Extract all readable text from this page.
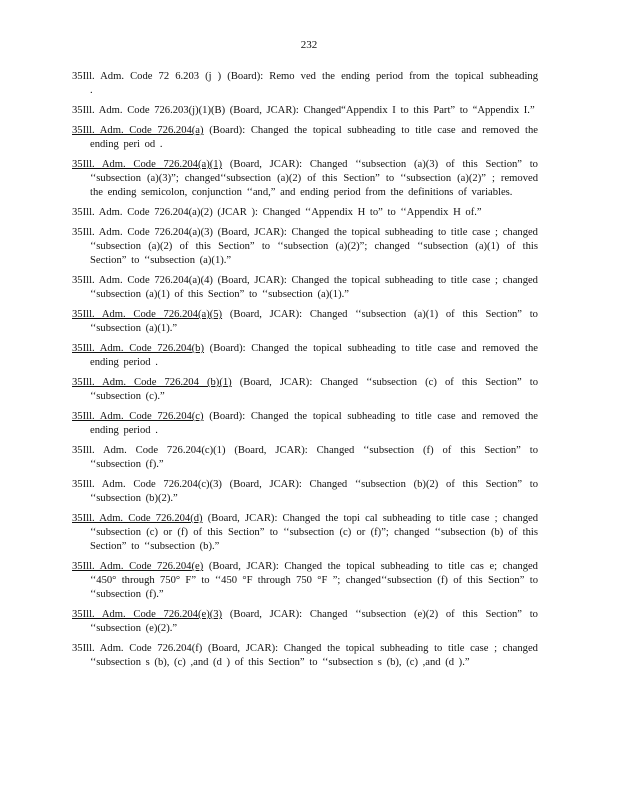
232

35Ill. Adm. Code 72 6.203 (j ) (Board): Remo ved the ending period from the topical subheading .

35Ill. Adm. Code 726.203(j)(1)(B) (Board, JCAR): Changed“Appendix I to this Part” to “Appendix I.”

35Ill. Adm. Code 726.204(a) (Board): Changed the topical subheading to title case and removed the ending peri od .

35Ill. Adm. Code 726.204(a)(1) (Board, JCAR): Changed ‘‘subsection (a)(3) of this Section” to ‘‘subsection (a)(3)”; changed‘‘subsection (a)(2) of this Section” to ‘‘subsection (a)(2)” ; removed the ending semicolon, conjunction ‘‘and,” and ending period from the definitions of variables.

35Ill. Adm. Code 726.204(a)(2) (JCAR ): Changed ‘‘Appendix H to” to ‘‘Appendix H of.”

35Ill. Adm. Code 726.204(a)(3) (Board, JCAR): Changed the topical subheading to title case ; changed ‘‘subsection (a)(2) of this Section” to ‘‘subsection (a)(2)”; changed ‘‘subsection (a)(1) of this Section” to ‘‘subsection (a)(1).”

35Ill. Adm. Code 726.204(a)(4) (Board, JCAR): Changed the topical subheading to title case ; changed ‘‘subsection (a)(1) of this Section” to ‘‘subsection (a)(1).”

35Ill. Adm. Code 726.204(a)(5) (Board, JCAR): Changed ‘‘subsection (a)(1) of this Section” to ‘‘subsection (a)(1).”

35Ill. Adm. Code 726.204(b) (Board): Changed the topical subheading to title case and removed the ending period .

35Ill. Adm. Code 726.204 (b)(1) (Board, JCAR): Changed ‘‘subsection (c) of this Section” to ‘‘subsection (c).”

35Ill. Adm. Code 726.204(c) (Board): Changed the topical subheading to title case and removed the ending period .

35Ill. Adm. Code 726.204(c)(1) (Board, JCAR): Changed ‘‘subsection (f) of this Section” to ‘‘subsection (f).”

35Ill. Adm. Code 726.204(c)(3) (Board, JCAR): Changed ‘‘subsection (b)(2) of this Section” to ‘‘subsection (b)(2).”

35Ill. Adm. Code 726.204(d) (Board, JCAR): Changed the topi cal subheading to title case ; changed ‘‘subsection (c) or (f) of this Section” to ‘‘subsection (c) or (f)”; changed ‘‘subsection (b) of this Section” to ‘‘subsection (b).”

35Ill. Adm. Code 726.204(e) (Board, JCAR): Changed the topical subheading to title cas e; changed ‘‘450° through 750° F” to ‘‘450 °F through 750 °F ”; changed‘‘subsection (f) of this Section” to ‘‘subsection (f).”

35Ill. Adm. Code 726.204(e)(3) (Board, JCAR): Changed ‘‘subsection (e)(2) of this Section” to ‘‘subsection (e)(2).”

35Ill. Adm. Code 726.204(f) (Board, JCAR): Changed the topical subheading to title case ; changed ‘‘subsection s (b), (c) ,and (d ) of this Section” to ‘‘subsection s (b), (c) ,and (d ).”
